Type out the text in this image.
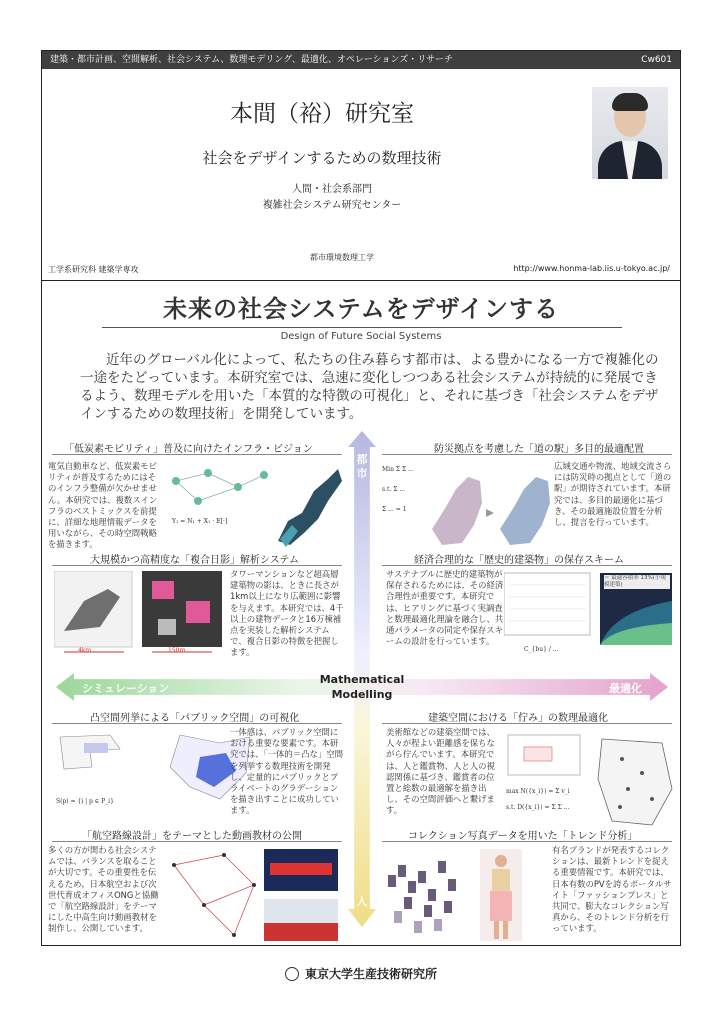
建築・都市計画、空間解析、社会システム、数理モデリング、最適化、オペレーションズ・リサーチ	Cw601
本間（裕）研究室
社会をデザインするための数理技術
人間・社会系部門
複雑社会システム研究センター
都市環境数理工学
工学系研究科 建築学専攻	http://www.honma-lab.iis.u-tokyo.ac.jp/
未来の社会システムをデザインする
Design of Future Social Systems
近年のグローバル化によって、私たちの住み暮らす都市は、よる豊かになる一方で複雑化の一途をたどっています。本研究室では、急速に変化しつつある社会システムが持続的に発展できるよう、数理モデルを用いた「本質的な特徴の可視化」と、それに基づき「社会システムをデザインするための数理技術」を開発しています。
都市
人
シミュレーション	最適化
Mathematical
Modelling
「低炭素モビリティ」普及に向けたインフラ・ビジョン
電気自動車など、低炭素モビリティが普及するためにはそのインフラ整備が欠かせません。本研究では、複数スインフラのベストミックスを前提に、詳細な地理情報データを用いながら、その時空間戦略を描きます。
Y₁ = N₁ + X₁ · 𝔼[·]
防災拠点を考慮した「道の駅」多目的最適配置
Min Σ Σ ...
s.t. Σ ...
Σ ... = 1
広域交通や物流、地域交流さらには防災時の拠点として「道の駅」が期待されています。本研究では、多目的最適化に基づき、その最適施設位置を分析し、提言を行っています。
大規模かつ高精度な「複合日影」解析システム
4km	150m
タワーマンションなど超高層建築物の影は、ときに長さが1km以上になり広範囲に影響を与えます。本研究では、4千以上の建物データと16万棟補点を実装した解析システムで、複合日影の特徴を把握します。
経済合理的な「歴史的建築物」の保存スキーム
サステナブルに歴史的建築物が保存されるためには、その経済合理性が重要です。本研究では、ヒアリングに基づく実調査と数理最適化理論を融合し、共通パラメータの同定や保存スキームの設計を行っています。
C_{bu} / ...
＝ 最適容積率 13%(小規模建築)
凸空間列挙による「パブリック空間」の可視化
S(p) = {i | p ∈ P_i}
一体感は、パブリック空間における重要な要素です。本研究では、「一体的＝凸な」空間を列挙する数理技術を開発し、定量的にパブリックとプライベートのグラデーションを描き出すことに成功しています。
建築空間における「佇み」の数理最適化
美術館などの建築空間では、人々が程よい距離感を保ちながら佇んでいます。本研究では、人と鑑賞物、人と人の視認関係に基づき、鑑賞者の位置と総数の最適解を描き出し、その空間評価へと繋げます。
max N({x_i}) = Σ v_i
s.t. D({x_i}) = Σ Σ ...
「航空路線設計」をテーマとした動画教材の公開
多くの方が関わる社会システムでは、バランスを取ることが大切です。その重要性を伝えるため、日本航空および次世代育成オフィスONGと協働で「航空路線設計」をテーマにした中高生向け動画教材を制作し、公開しています。
コレクション写真データを用いた「トレンド分析」
有名ブランドが発表するコレクションは、最新トレンドを捉える重要情報です。本研究では、日本有数のPVを誇るポータルサイト「ファッションプレス」と共同で、膨大なコレクション写真から、そのトレンド分析を行っています。
東京大学生産技術研究所
